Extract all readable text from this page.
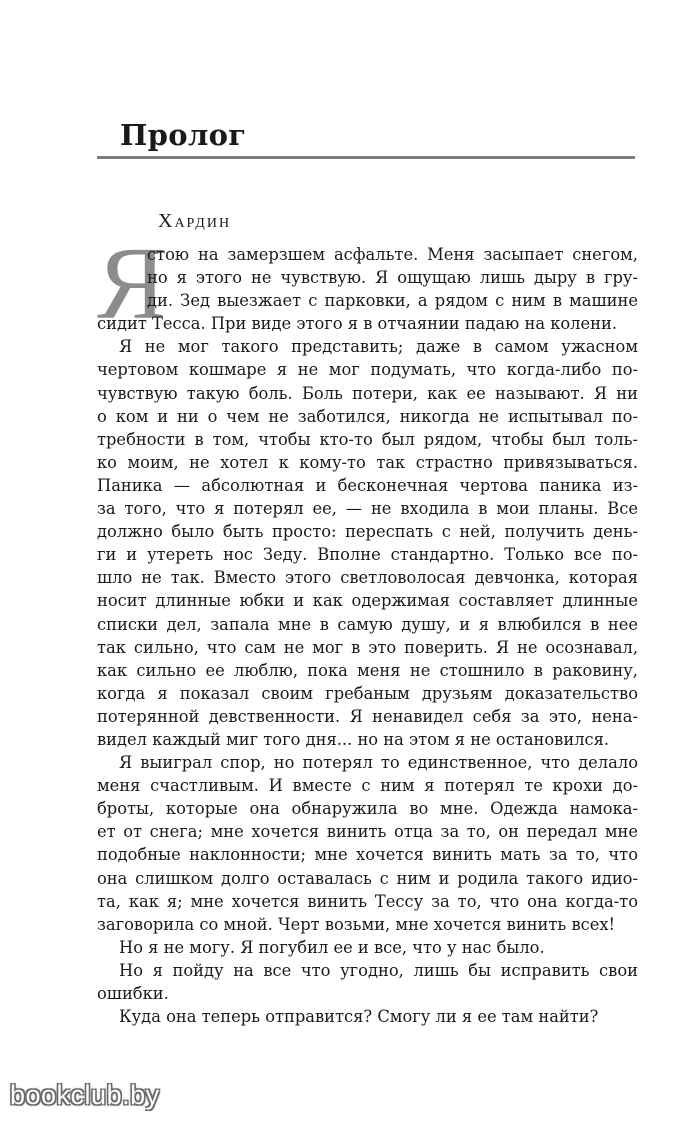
Пролог
Хардин
Я
стою на замерзшем асфальте. Меня засыпает снегом,
но я этого не чувствую. Я ощущаю лишь дыру в гру-
ди. Зед выезжает с парковки, а рядом с ним в машине
сидит Тесса. При виде этого я в отчаянии падаю на колени.
Я не мог такого представить; даже в самом ужасном
чертовом кошмаре я не мог подумать, что когда-либо по-
чувствую такую боль. Боль потери, как ее называют. Я ни
о ком и ни о чем не заботился, никогда не испытывал по-
требности в том, чтобы кто-то был рядом, чтобы был толь-
ко моим, не хотел к кому-то так страстно привязываться.
Паника — абсолютная и бесконечная чертова паника из-
за того, что я потерял ее, — не входила в мои планы. Все
должно было быть просто: переспать с ней, получить день-
ги и утереть нос Зеду. Вполне стандартно. Только все по-
шло не так. Вместо этого светловолосая девчонка, которая
носит длинные юбки и как одержимая составляет длинные
списки дел, запала мне в самую душу, и я влюбился в нее
так сильно, что сам не мог в это поверить. Я не осознавал,
как сильно ее люблю, пока меня не стошнило в раковину,
когда я показал своим гребаным друзьям доказательство
потерянной девственности. Я ненавидел себя за это, нена-
видел каждый миг того дня... но на этом я не остановился.
Я выиграл спор, но потерял то единственное, что делало
меня счастливым. И вместе с ним я потерял те крохи до-
броты, которые она обнаружила во мне. Одежда намока-
ет от снега; мне хочется винить отца за то, он передал мне
подобные наклонности; мне хочется винить мать за то, что
она слишком долго оставалась с ним и родила такого идио-
та, как я; мне хочется винить Тессу за то, что она когда-то
заговорила со мной. Черт возьми, мне хочется винить всех!
Но я не могу. Я погубил ее и все, что у нас было.
Но я пойду на все что угодно, лишь бы исправить свои
ошибки.
Куда она теперь отправится? Смогу ли я ее там найти?
bookclub.by
